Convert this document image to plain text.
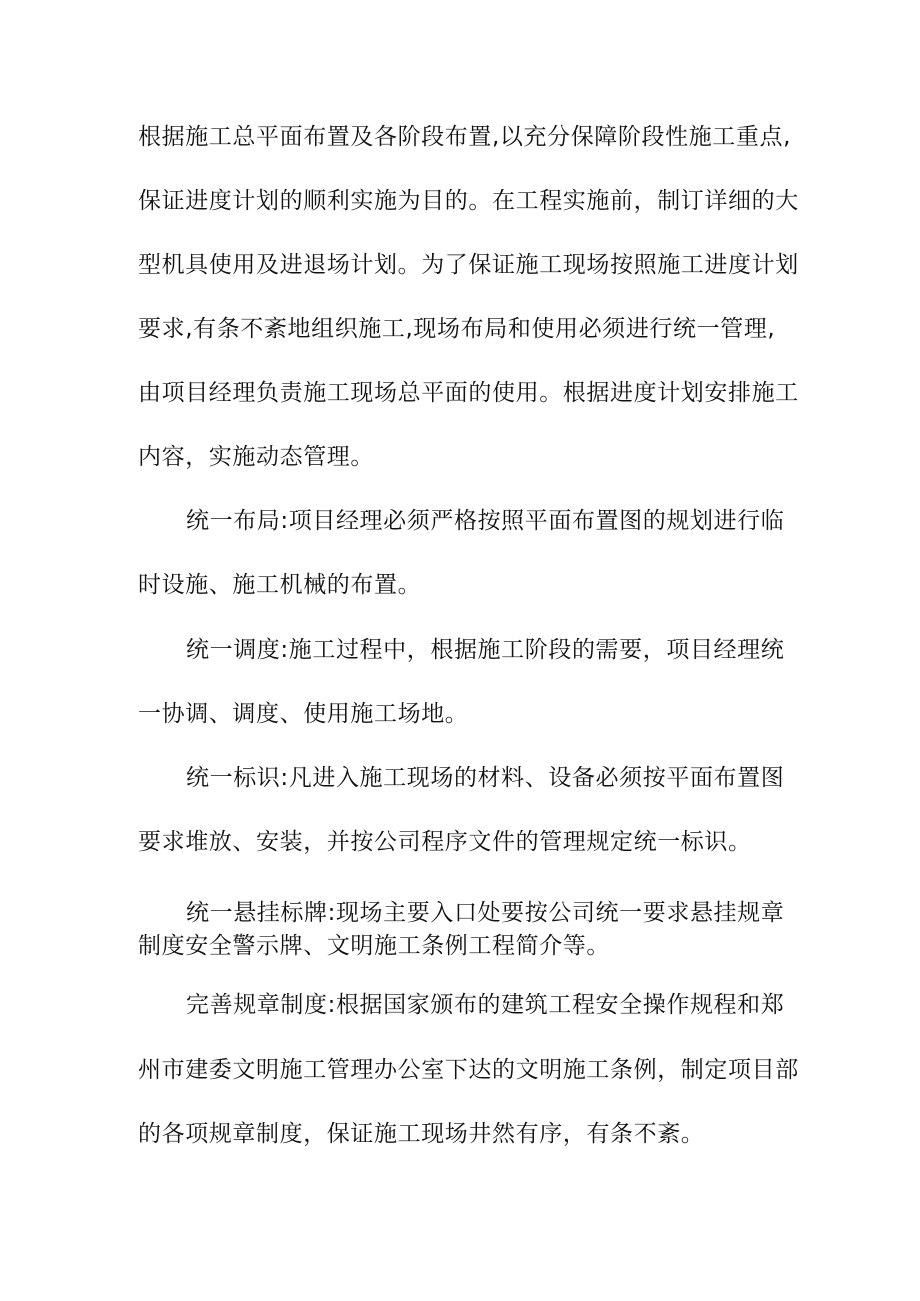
根据施工总平面布置及各阶段布置,以充分保障阶段性施工重点,
保证进度计划的顺利实施为目的。在工程实施前，制订详细的大
型机具使用及进退场计划。为了保证施工现场按照施工进度计划
要求,有条不紊地组织施工,现场布局和使用必须进行统一管理,
由项目经理负责施工现场总平面的使用。根据进度计划安排施工
内容，实施动态管理。
统一布局:项目经理必须严格按照平面布置图的规划进行临
时设施、施工机械的布置。
统一调度:施工过程中，根据施工阶段的需要，项目经理统
一协调、调度、使用施工场地。
统一标识:凡进入施工现场的材料、设备必须按平面布置图
要求堆放、安装，并按公司程序文件的管理规定统一标识。
统一悬挂标牌:现场主要入口处要按公司统一要求悬挂规章
制度安全警示牌、文明施工条例工程简介等。
完善规章制度:根据国家颁布的建筑工程安全操作规程和郑
州市建委文明施工管理办公室下达的文明施工条例，制定项目部
的各项规章制度，保证施工现场井然有序，有条不紊。
